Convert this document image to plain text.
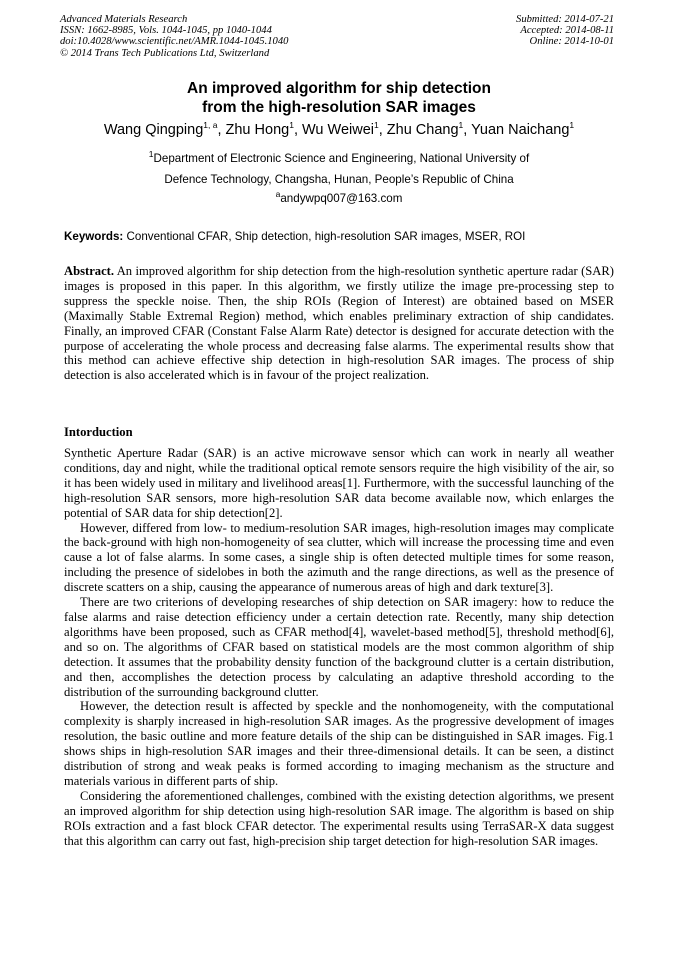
Advanced Materials Research
ISSN: 1662-8985, Vols. 1044-1045, pp 1040-1044
doi:10.4028/www.scientific.net/AMR.1044-1045.1040
© 2014 Trans Tech Publications Ltd, Switzerland
Submitted: 2014-07-21
Accepted: 2014-08-11
Online: 2014-10-01
An improved algorithm for ship detection
from the high-resolution SAR images
Wang Qingping$^{1, a}$, Zhu Hong$^1$, Wu Weiwei$^1$, Zhu Chang$^1$, Yuan Naichang$^1$
$^1$Department of Electronic Science and Engineering, National University of
Defence Technology, Changsha, Hunan, People’s Republic of China
$^a$andywpq007@163.com
Keywords: Conventional CFAR, Ship detection, high-resolution SAR images, MSER, ROI
Abstract. An improved algorithm for ship detection from the high-resolution synthetic aperture radar (SAR) images is proposed in this paper. In this algorithm, we firstly utilize the image pre-processing step to suppress the speckle noise. Then, the ship ROIs (Region of Interest) are obtained based on MSER (Maximally Stable Extremal Region) method, which enables preliminary extraction of ship candidates. Finally, an improved CFAR (Constant False Alarm Rate) detector is designed for accurate detection with the purpose of accelerating the whole process and decreasing false alarms. The experimental results show that this method can achieve effective ship detection in high-resolution SAR images. The process of ship detection is also accelerated which is in favour of the project realization.
Intorduction

Synthetic Aperture Radar (SAR) is an active microwave sensor which can work in nearly all weather conditions, day and night, while the traditional optical remote sensors require the high visibility of the air, so it has been widely used in military and livelihood areas[1]. Furthermore, with the successful launching of the high-resolution SAR sensors, more high-resolution SAR data become available now, which enlarges the potential of SAR data for ship detection[2].

However, differed from low- to medium-resolution SAR images, high-resolution images may complicate the back-ground with high non-homogeneity of sea clutter, which will increase the processing time and even cause a lot of false alarms. In some cases, a single ship is often detected multiple times for some reason, including the presence of sidelobes in both the azimuth and the range directions, as well as the presence of discrete scatters on a ship, causing the appearance of numerous areas of high and dark texture[3].

There are two criterions of developing researches of ship detection on SAR imagery: how to reduce the false alarms and raise detection efficiency under a certain detection rate. Recently, many ship detection algorithms have been proposed, such as CFAR method[4], wavelet-based method[5], threshold method[6], and so on. The algorithms of CFAR based on statistical models are the most common algorithm of ship detection. It assumes that the probability density function of the background clutter is a certain distribution, and then, accomplishes the detection process by calculating an adaptive threshold according to the distribution of the surrounding background clutter.

However, the detection result is affected by speckle and the nonhomogeneity, with the computational complexity is sharply increased in high-resolution SAR images. As the progressive development of images resolution, the basic outline and more feature details of the ship can be distinguished in SAR images. Fig.1 shows ships in high-resolution SAR images and their three-dimensional details. It can be seen, a distinct distribution of strong and weak peaks is formed according to imaging mechanism as the structure and materials various in different parts of ship.

Considering the aforementioned challenges, combined with the existing detection algorithms, we present an improved algorithm for ship detection using high-resolution SAR image. The algorithm is based on ship ROIs extraction and a fast block CFAR detector. The experimental results using TerraSAR-X data suggest that this algorithm can carry out fast, high-precision ship target detection for high-resolution SAR images.
